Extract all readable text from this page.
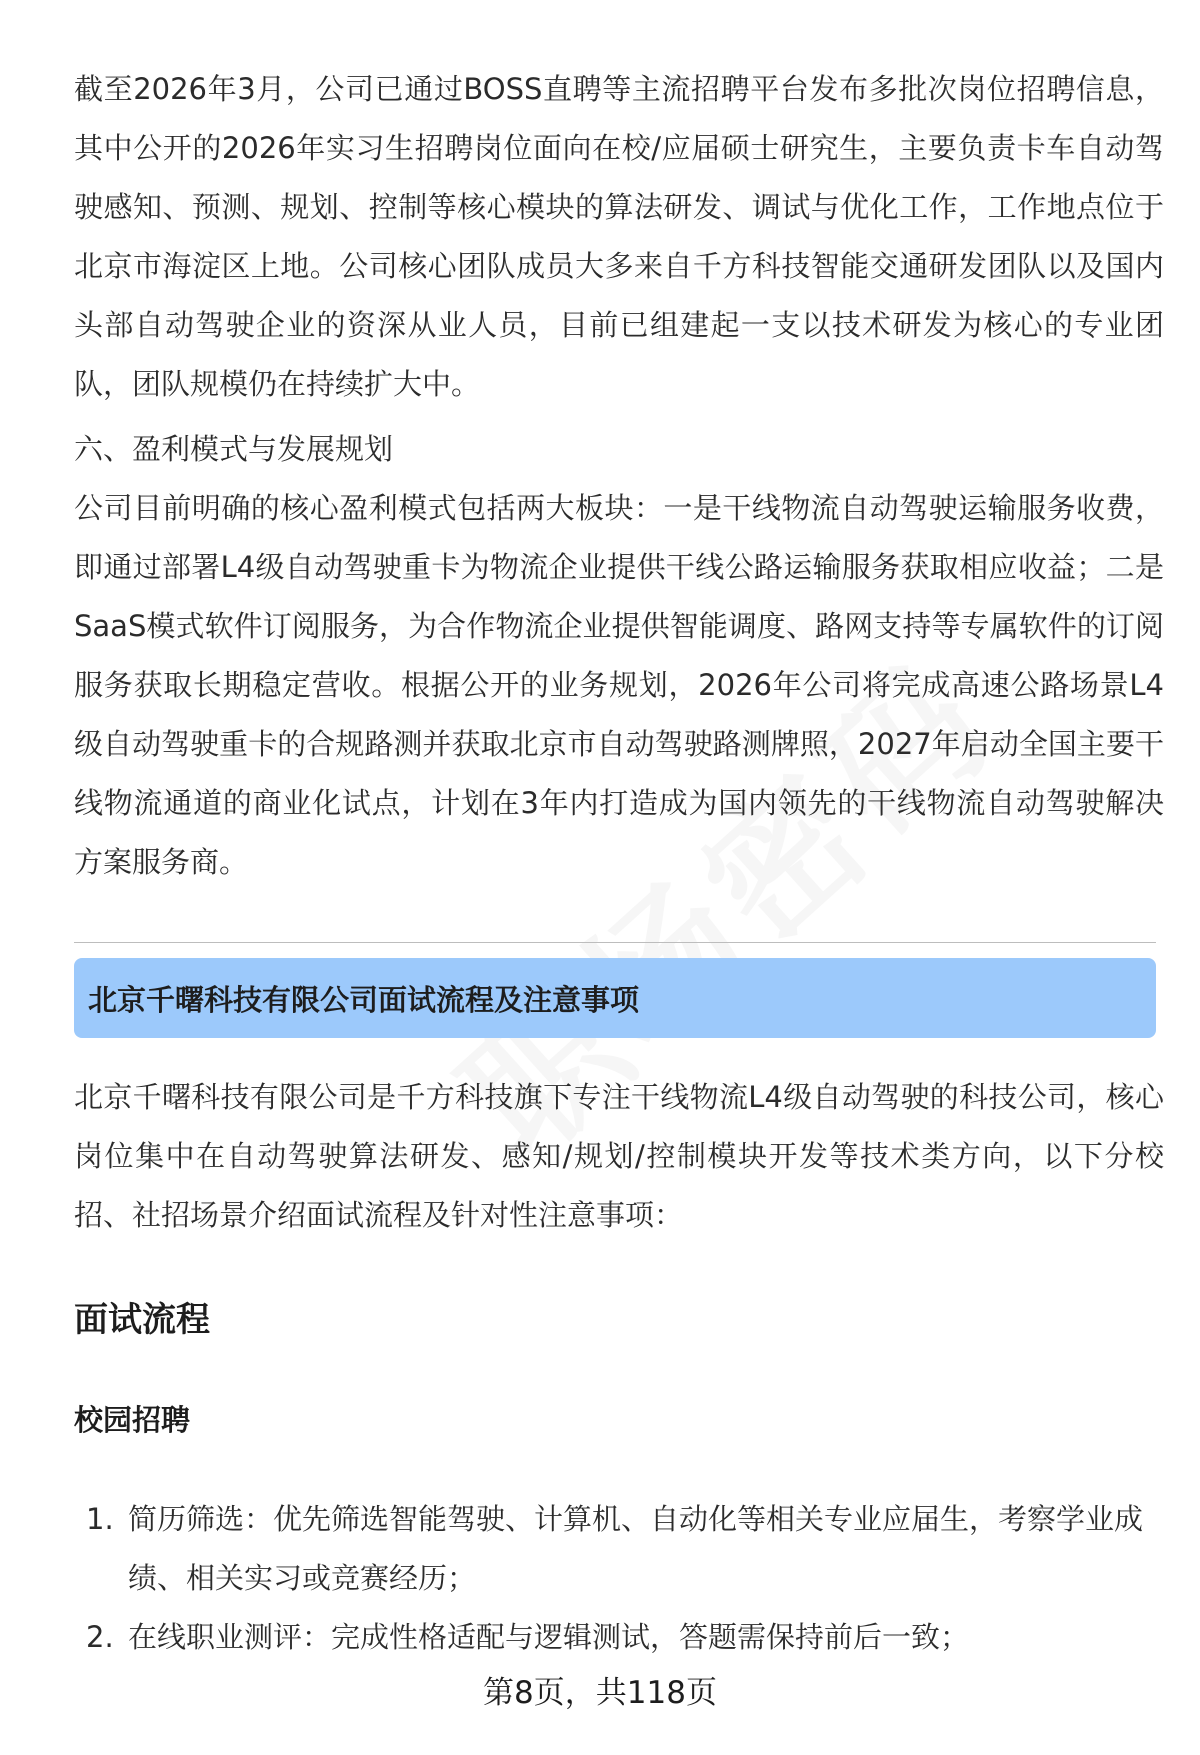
截至2026年3月，公司已通过BOSS直聘等主流招聘平台发布多批次岗位招聘信息，其中公开的2026年实习生招聘岗位面向在校/应届硕士研究生，主要负责卡车自动驾驶感知、预测、规划、控制等核心模块的算法研发、调试与优化工作，工作地点位于北京市海淀区上地。公司核心团队成员大多来自千方科技智能交通研发团队以及国内头部自动驾驶企业的资深从业人员，目前已组建起一支以技术研发为核心的专业团队，团队规模仍在持续扩大中。

六、盈利模式与发展规划

公司目前明确的核心盈利模式包括两大板块：一是干线物流自动驾驶运输服务收费，即通过部署L4级自动驾驶重卡为物流企业提供干线公路运输服务获取相应收益；二是SaaS模式软件订阅服务，为合作物流企业提供智能调度、路网支持等专属软件的订阅服务获取长期稳定营收。根据公开的业务规划，2026年公司将完成高速公路场景L4级自动驾驶重卡的合规路测并获取北京市自动驾驶路测牌照，2027年启动全国主要干线物流通道的商业化试点，计划在3年内打造成为国内领先的干线物流自动驾驶解决方案服务商。

北京千曙科技有限公司面试流程及注意事项

北京千曙科技有限公司是千方科技旗下专注干线物流L4级自动驾驶的科技公司，核心岗位集中在自动驾驶算法研发、感知/规划/控制模块开发等技术类方向，以下分校招、社招场景介绍面试流程及针对性注意事项：

面试流程
校园招聘
1. 简历筛选：优先筛选智能驾驶、计算机、自动化等相关专业应届生，考察学业成绩、相关实习或竞赛经历；
2. 在线职业测评：完成性格适配与逻辑测试，答题需保持前后一致；
第8页，共118页
